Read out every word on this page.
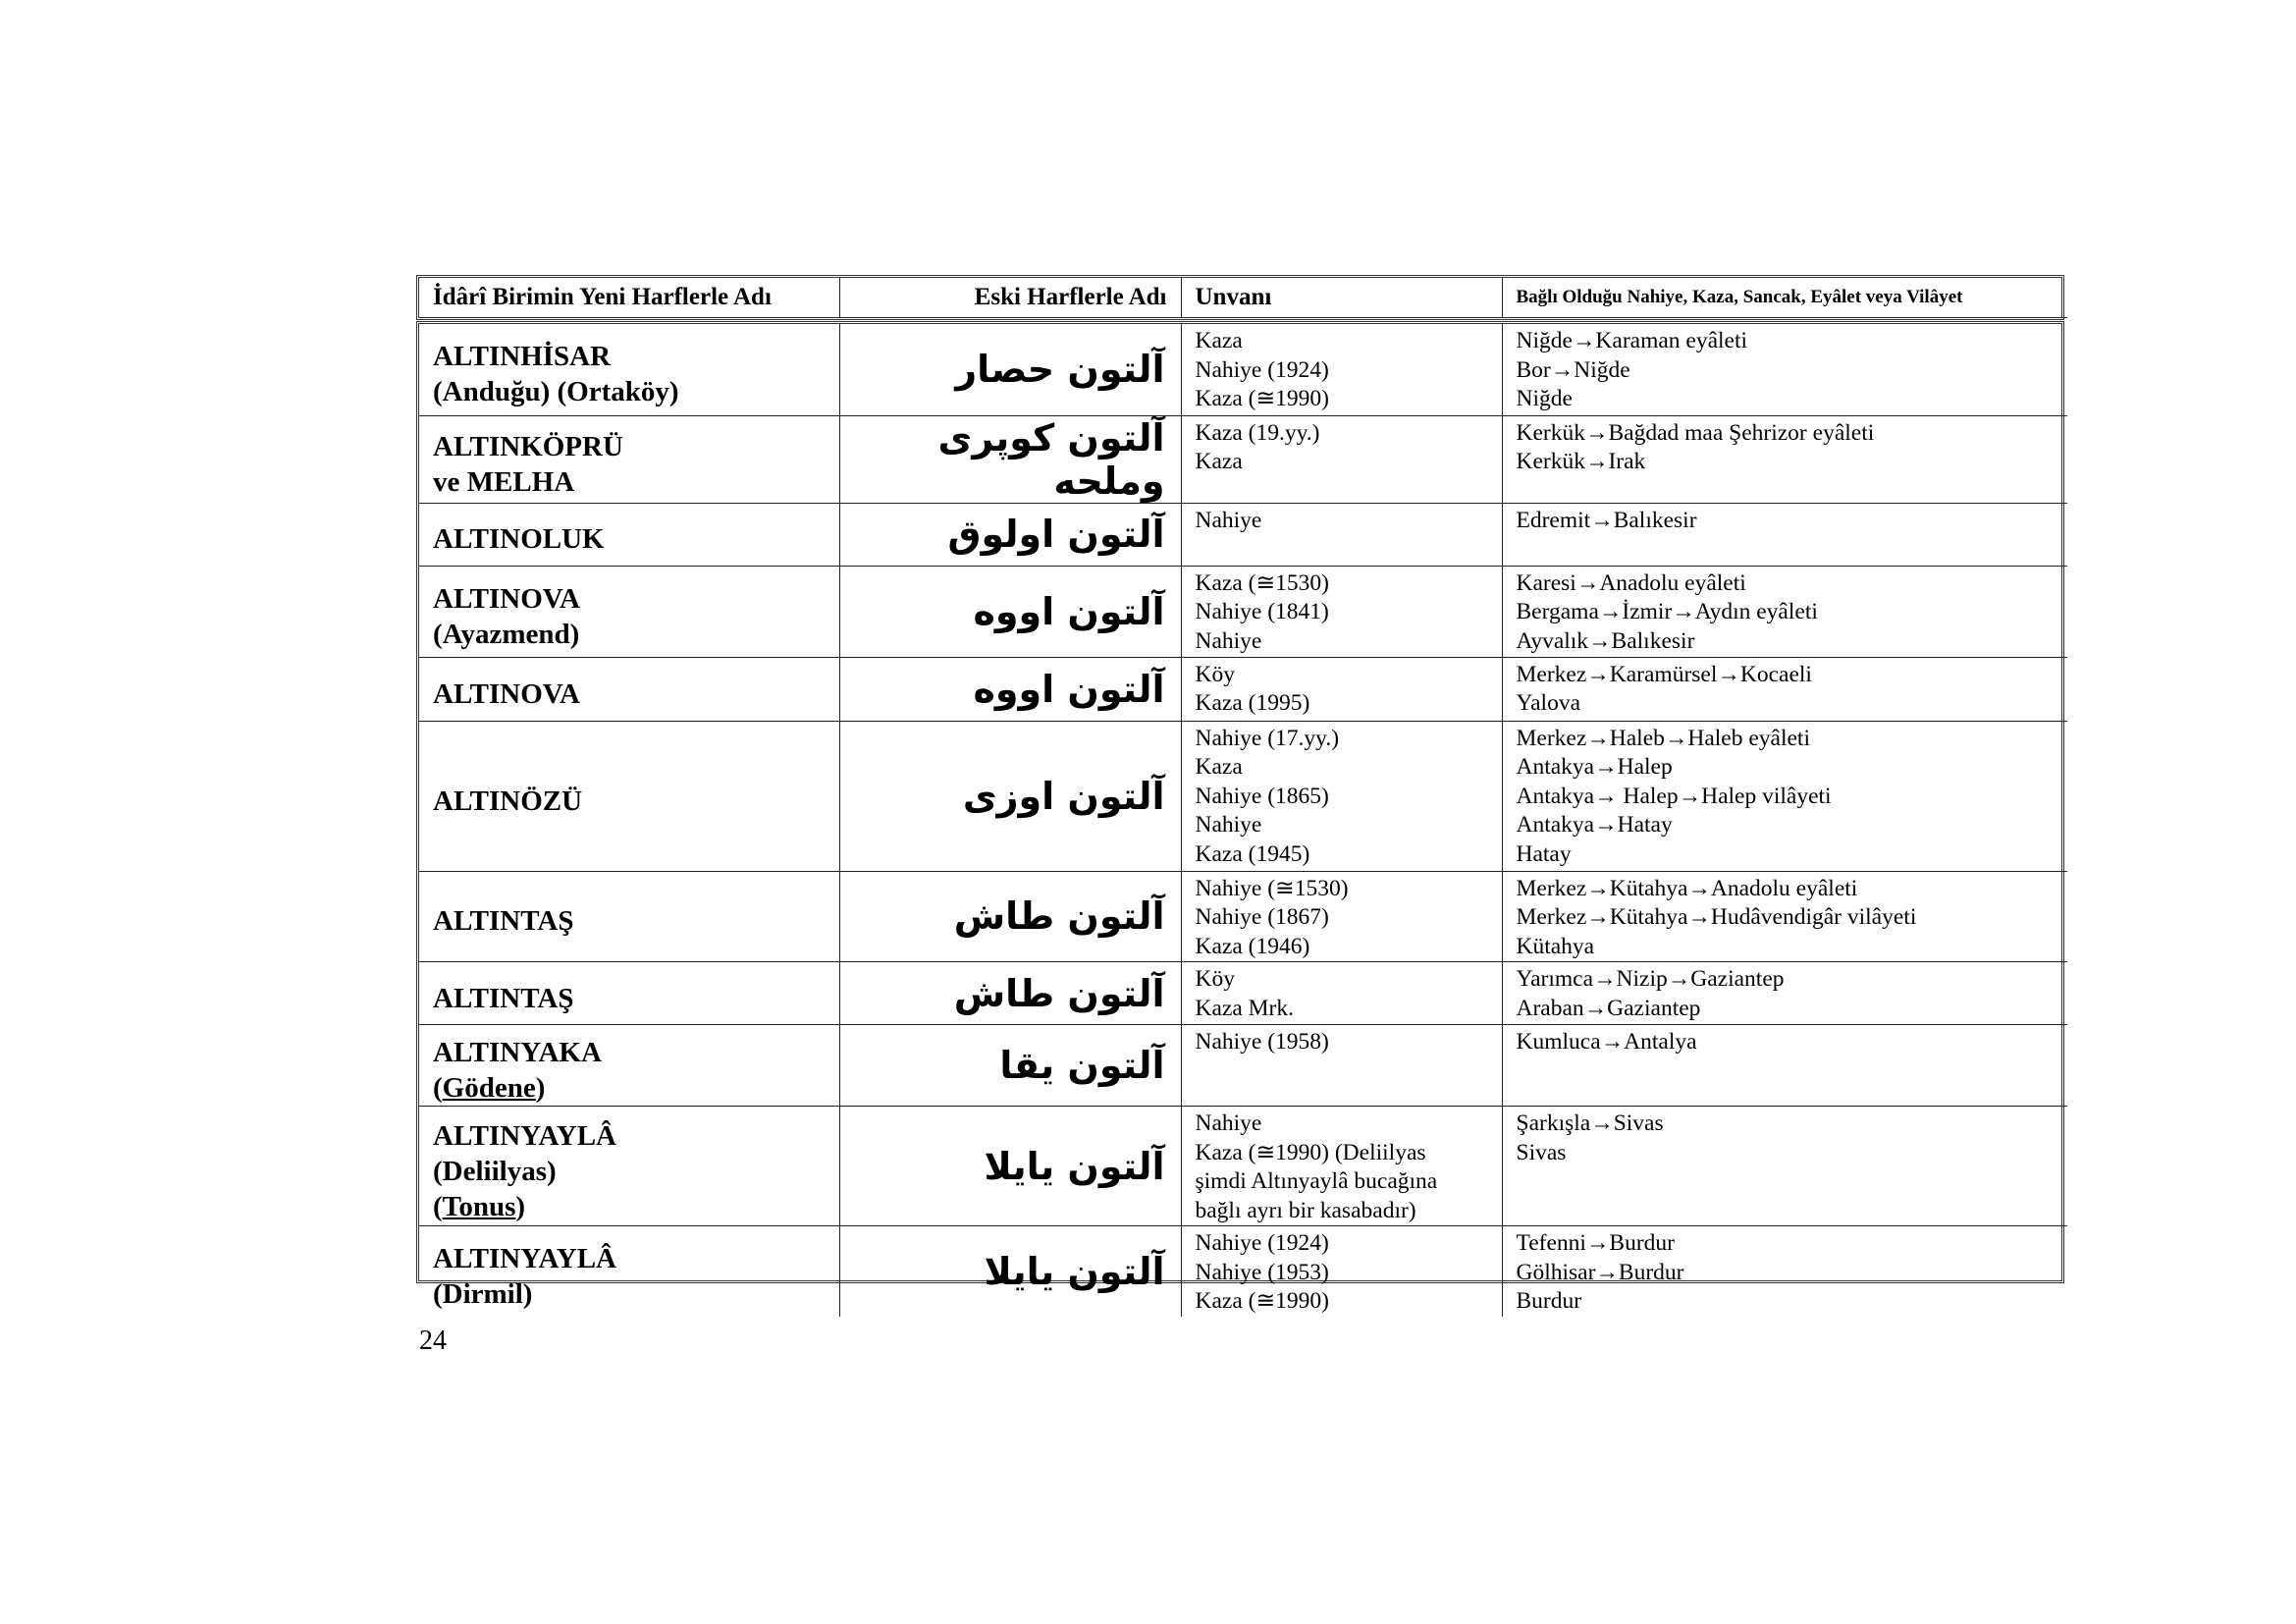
İdârî Birimin Yeni Harflerle Adı	Eski Harflerle Adı	Unvanı	Bağlı Olduğu Nahiye, Kaza, Sancak, Eyâlet veya Vilâyet
ALTINHİSAR
(Anduğu) (Ortaköy)	آلتون حصار	Kaza
Nahiye (1924)
Kaza (≅1990)	Niğde→Karaman eyâleti
Bor→Niğde
Niğde

ALTINKÖPRÜ
ve MELHA	آلتون كوپرى وملحه	Kaza (19.yy.)
Kaza	Kerkük→Bağdad maa Şehrizor eyâleti
Kerkük→Irak

ALTINOLUK	آلتون اولوق	Nahiye	Edremit→Balıkesir

ALTINOVA
(Ayazmend)	آلتون اووه	Kaza (≅1530)
Nahiye (1841)
Nahiye	Karesi→Anadolu eyâleti
Bergama→İzmir→Aydın eyâleti
Ayvalık→Balıkesir

ALTINOVA	آلتون اووه	Köy
Kaza (1995)	Merkez→Karamürsel→Kocaeli
Yalova

ALTINÖZÜ	آلتون اوزى	Nahiye (17.yy.)
Kaza
Nahiye (1865)
Nahiye
Kaza (1945)	Merkez→Haleb→Haleb eyâleti
Antakya→Halep
Antakya→ Halep→Halep vilâyeti
Antakya→Hatay
Hatay

ALTINTAŞ	آلتون طاش	Nahiye (≅1530)
Nahiye (1867)
Kaza (1946)	Merkez→Kütahya→Anadolu eyâleti
Merkez→Kütahya→Hudâvendigâr vilâyeti
Kütahya

ALTINTAŞ	آلتون طاش	Köy
Kaza Mrk.	Yarımca→Nizip→Gaziantep
Araban→Gaziantep

ALTINYAKA
(Gödene)	آلتون يقا	Nahiye (1958)	Kumluca→Antalya

ALTINYAYLÂ
(Deliilyas)
(Tonus)	آلتون يايلا	Nahiye
Kaza (≅1990) (Deliilyas
şimdi Altınyaylâ bucağına
bağlı ayrı bir kasabadır)	Şarkışla→Sivas
Sivas

ALTINYAYLÂ
(Dirmil)	آلتون يايلا	Nahiye (1924)
Nahiye (1953)
Kaza (≅1990)	Tefenni→Burdur
Gölhisar→Burdur
Burdur
24
